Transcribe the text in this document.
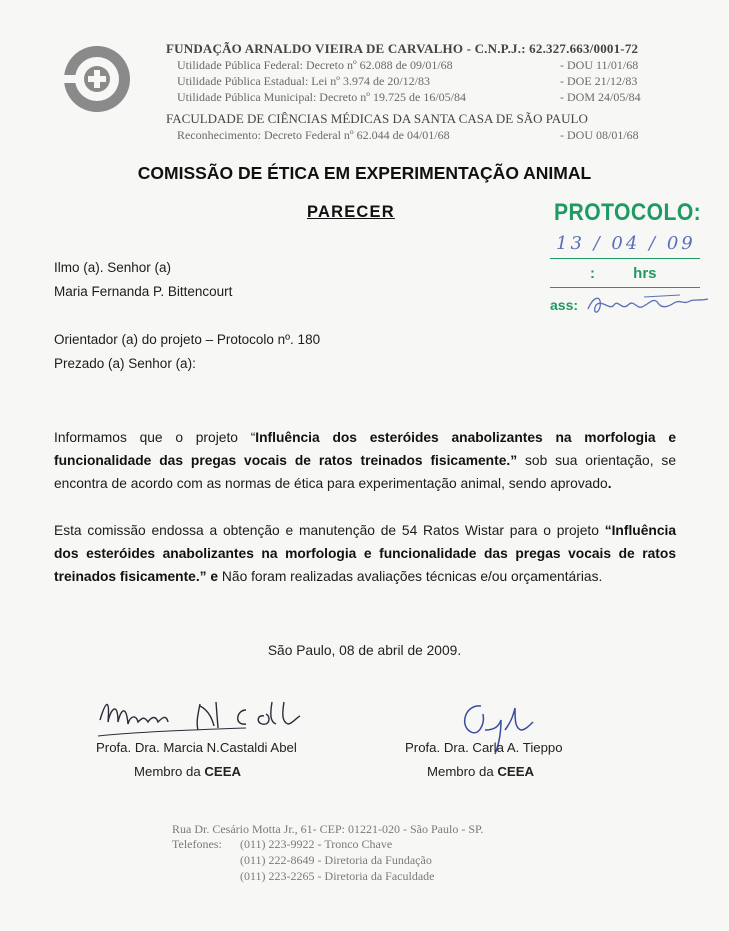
FUNDAÇÃO ARNALDO VIEIRA DE CARVALHO - C.N.P.J.: 62.327.663/0001-72
Utilidade Pública Federal: Decreto nº 62.088 de 09/01/68	- DOU 11/01/68
Utilidade Pública Estadual: Lei nº 3.974 de 20/12/83	- DOE 21/12/83
Utilidade Pública Municipal: Decreto nº 19.725 de 16/05/84	- DOM 24/05/84
FACULDADE DE CIÊNCIAS MÉDICAS DA SANTA CASA DE SÃO PAULO
Reconhecimento: Decreto Federal nº 62.044 de 04/01/68	- DOU 08/01/68
COMISSÃO DE ÉTICA EM EXPERIMENTAÇÃO ANIMAL
PARECER	PROTOCOLO:
13 / 04 / 09
:	hrs
ass:
Ilmo (a). Senhor (a)
Maria Fernanda P. Bittencourt
Orientador (a) do projeto – Protocolo nº. 180
Prezado (a) Senhor (a):
Informamos que o projeto “Influência dos esteróides anabolizantes na morfologia e funcionalidade das pregas vocais de ratos treinados fisicamente.” sob sua orientação, se encontra de acordo com as normas de ética para experimentação animal, sendo aprovado.
Esta comissão endossa a obtenção e manutenção de 54 Ratos Wistar para o projeto “Influência dos esteróides anabolizantes na morfologia e funcionalidade das pregas vocais de ratos treinados fisicamente.” e Não foram realizadas avaliações técnicas e/ou orçamentárias.
São Paulo, 08 de abril de 2009.
Profa. Dra. Marcia N.Castaldi Abel
Membro da CEEA
Profa. Dra. Carla A. Tieppo
Membro da CEEA
Rua Dr. Cesário Motta Jr., 61- CEP: 01221-020 - São Paulo - SP.
Telefones: (011) 223-9922 - Tronco Chave
(011) 222-8649 - Diretoria da Fundação
(011) 223-2265 - Diretoria da Faculdade
